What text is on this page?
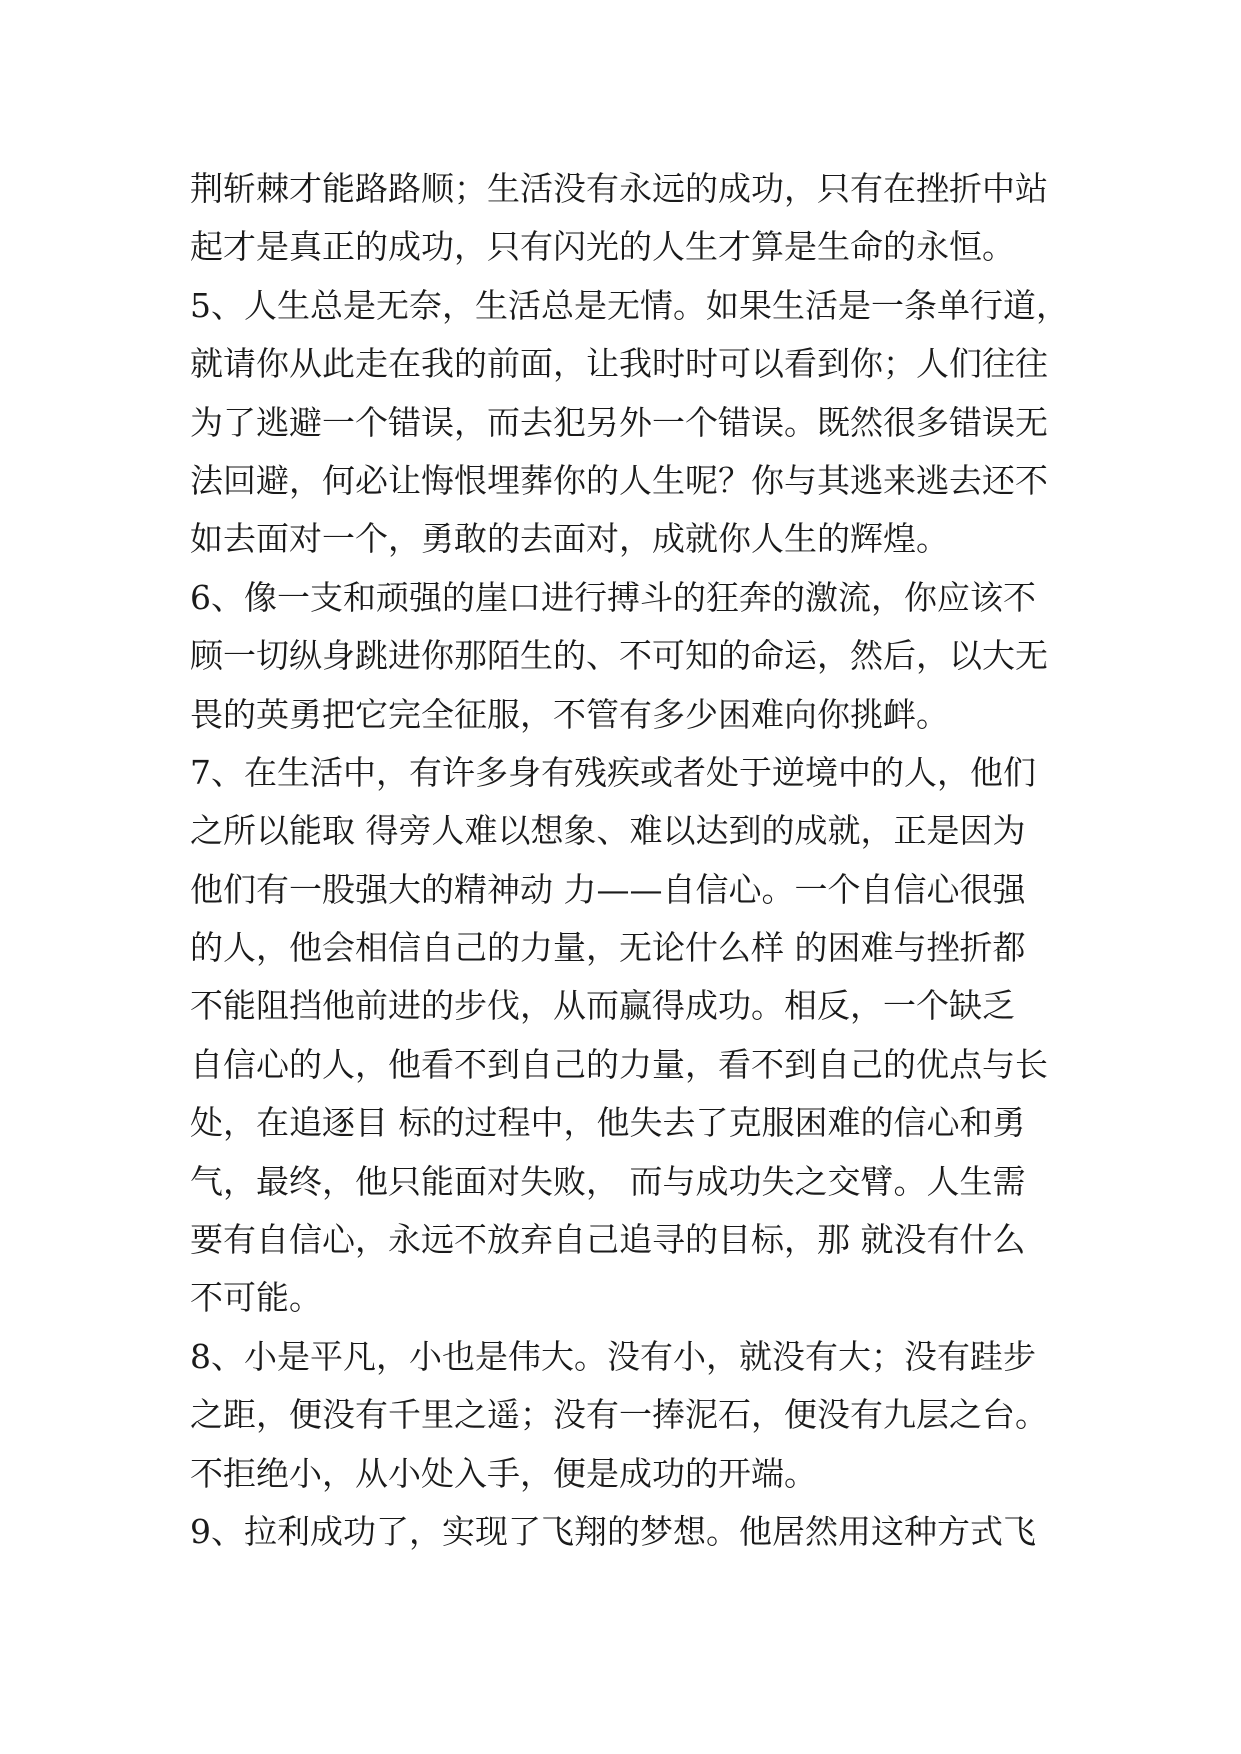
荆斩棘才能路路顺；生活没有永远的成功，只有在挫折中站
起才是真正的成功，只有闪光的人生才算是生命的永恒。
5、人生总是无奈，生活总是无情。如果生活是一条单行道，
就请你从此走在我的前面，让我时时可以看到你；人们往往
为了逃避一个错误，而去犯另外一个错误。既然很多错误无
法回避，何必让悔恨埋葬你的人生呢？你与其逃来逃去还不
如去面对一个，勇敢的去面对，成就你人生的辉煌。
6、像一支和顽强的崖口进行搏斗的狂奔的激流，你应该不
顾一切纵身跳进你那陌生的、不可知的命运，然后，以大无
畏的英勇把它完全征服，不管有多少困难向你挑衅。
7、在生活中，有许多身有残疾或者处于逆境中的人，他们
之所以能取 得旁人难以想象、难以达到的成就，正是因为
他们有一股强大的精神动 力——自信心。一个自信心很强
的人，他会相信自己的力量，无论什么样 的困难与挫折都
不能阻挡他前进的步伐，从而赢得成功。相反，一个缺乏
自信心的人，他看不到自己的力量，看不到自己的优点与长
处，在追逐目 标的过程中，他失去了克服困难的信心和勇
气，最终，他只能面对失败， 而与成功失之交臂。人生需
要有自信心，永远不放弃自己追寻的目标，那 就没有什么
不可能。
8、小是平凡，小也是伟大。没有小，就没有大；没有跬步
之距，便没有千里之遥；没有一捧泥石，便没有九层之台。
不拒绝小，从小处入手，便是成功的开端。
9、拉利成功了，实现了飞翔的梦想。他居然用这种方式飞
